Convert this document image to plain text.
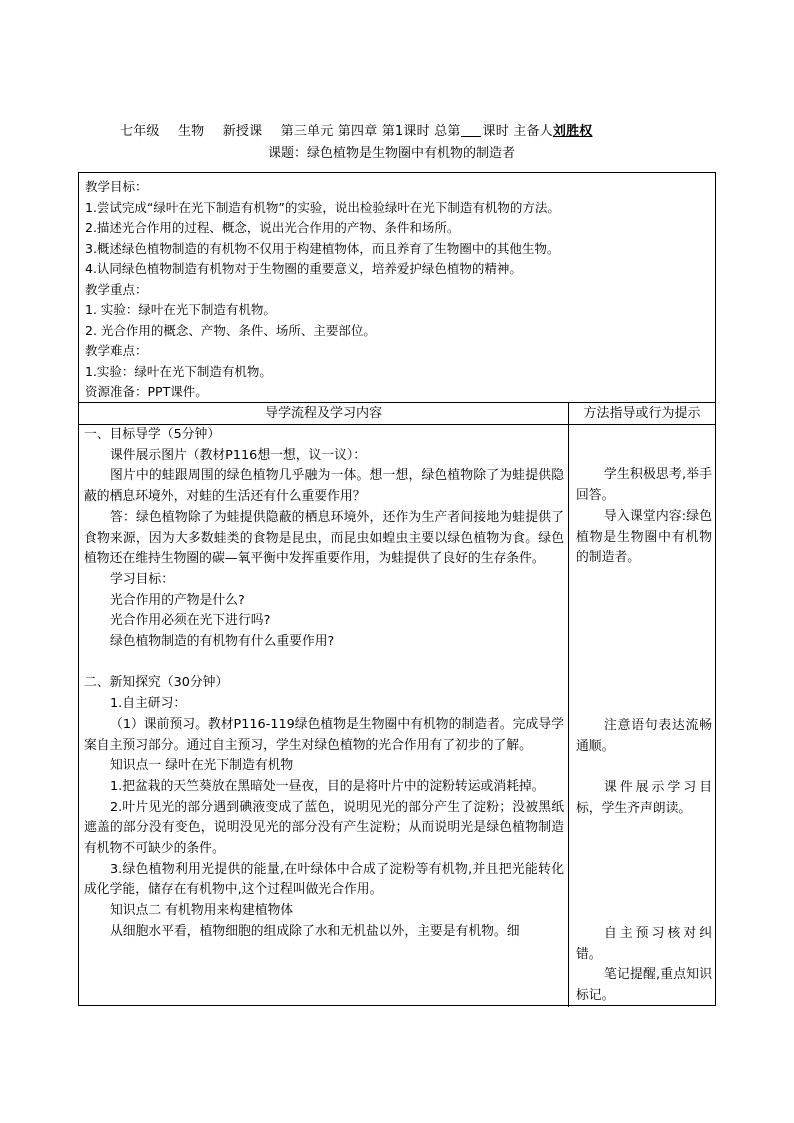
七年级 生物 新授课 第三单元 第四章 第1课时 总第 课时 主备人刘胜权
课题：绿色植物是生物圈中有机物的制造者

教学目标：

1.尝试完成“绿叶在光下制造有机物”的实验，说出检验绿叶在光下制造有机物的方法。

2.描述光合作用的过程、概念，说出光合作用的产物、条件和场所。

3.概述绿色植物制造的有机物不仅用于构建植物体，而且养育了生物圈中的其他生物。

4.认同绿色植物制造有机物对于生物圈的重要意义，培养爱护绿色植物的精神。

教学重点：

1. 实验：绿叶在光下制造有机物。

2. 光合作用的概念、产物、条件、场所、主要部位。

教学难点：

1.实验：绿叶在光下制造有机物。

资源准备：PPT课件。

导学流程及学习内容	方法指导或行为提示

一、目标导学（5分钟）

课件展示图片（教材P116想一想，议一议）：

图片中的蛙跟周围的绿色植物几乎融为一体。想一想，绿色植物除了为蛙提供隐蔽的栖息环境外，对蛙的生活还有什么重要作用？

答：绿色植物除了为蛙提供隐蔽的栖息环境外，还作为生产者间接地为蛙提供了食物来源，因为大多数蛙类的食物是昆虫，而昆虫如蝗虫主要以绿色植物为食。绿色植物还在维持生物圈的碳—氧平衡中发挥重要作用，为蛙提供了良好的生存条件。

学习目标：

光合作用的产物是什么?

光合作用必须在光下进行吗?

绿色植物制造的有机物有什么重要作用?

二、新知探究（30分钟）

1.自主研习：

（1）课前预习。教材P116-119绿色植物是生物圈中有机物的制造者。完成导学案自主预习部分。通过自主预习，学生对绿色植物的光合作用有了初步的了解。

知识点一 绿叶在光下制造有机物

1.把盆栽的天竺葵放在黑暗处一昼夜，目的是将叶片中的淀粉转运或消耗掉。

2.叶片见光的部分遇到碘液变成了蓝色，说明见光的部分产生了淀粉；没被黑纸遮盖的部分没有变色，说明没见光的部分没有产生淀粉；从而说明光是绿色植物制造有机物不可缺少的条件。

3.绿色植物利用光提供的能量,在叶绿体中合成了淀粉等有机物,并且把光能转化成化学能，储存在有机物中,这个过程叫做光合作用。

知识点二 有机物用来构建植物体

从细胞水平看，植物细胞的组成除了水和无机盐以外，主要是有机物。细

学生积极思考,举手回答。

导入课堂内容:绿色植物是生物圈中有机物的制造者。

注意语句表达流畅通顺。

课件展示学习目标，学生齐声朗读。

自主预习核对纠错。

笔记提醒,重点知识标记。
